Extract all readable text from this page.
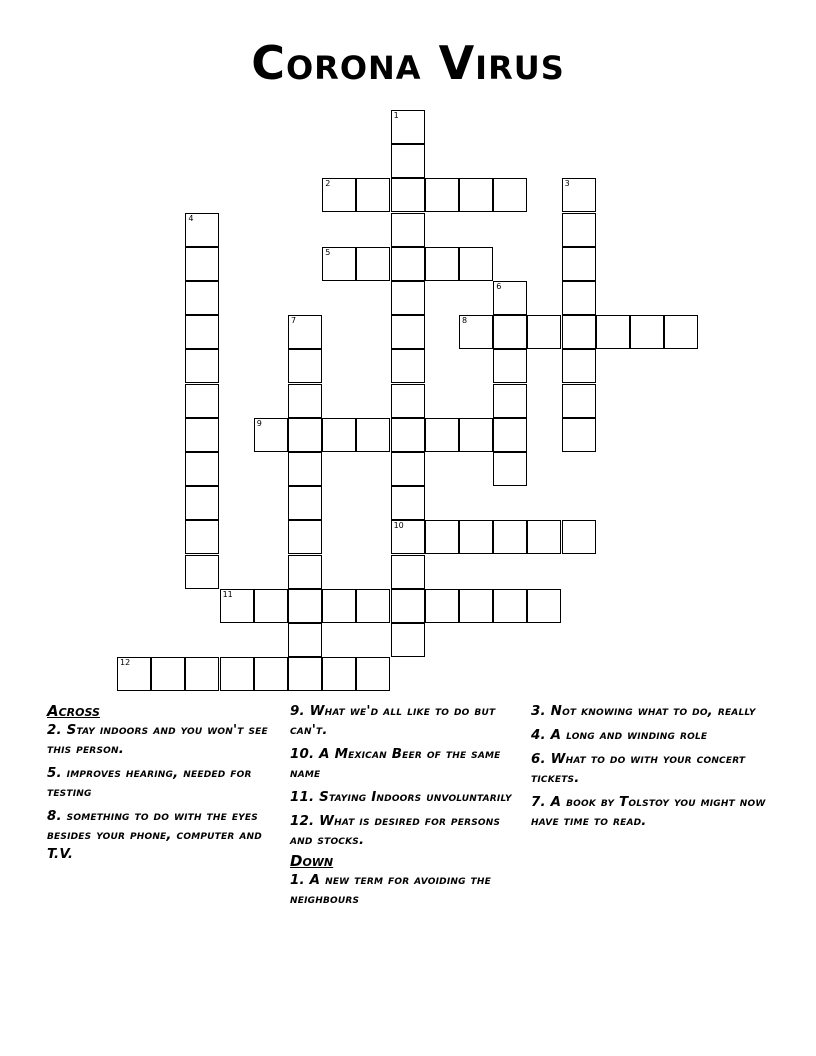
Corona Virus
1
10
2	3
4
5
6
7	8
9
11
12
Across
2. Stay indoors and you won't see this person.
5. improves hearing, needed for testing
8. something to do with the eyes besides your phone, computer and T.V.
9. What we'd all like to do but can't.
10. A Mexican Beer of the same name
11. Staying Indoors unvoluntarily
12. What is desired for persons and stocks.
Down
1. A new term for avoiding the neighbours
3. Not knowing what to do, really
4. A long and winding role
6. What to do with your concert tickets.
7. A book by Tolstoy you might now have time to read.
